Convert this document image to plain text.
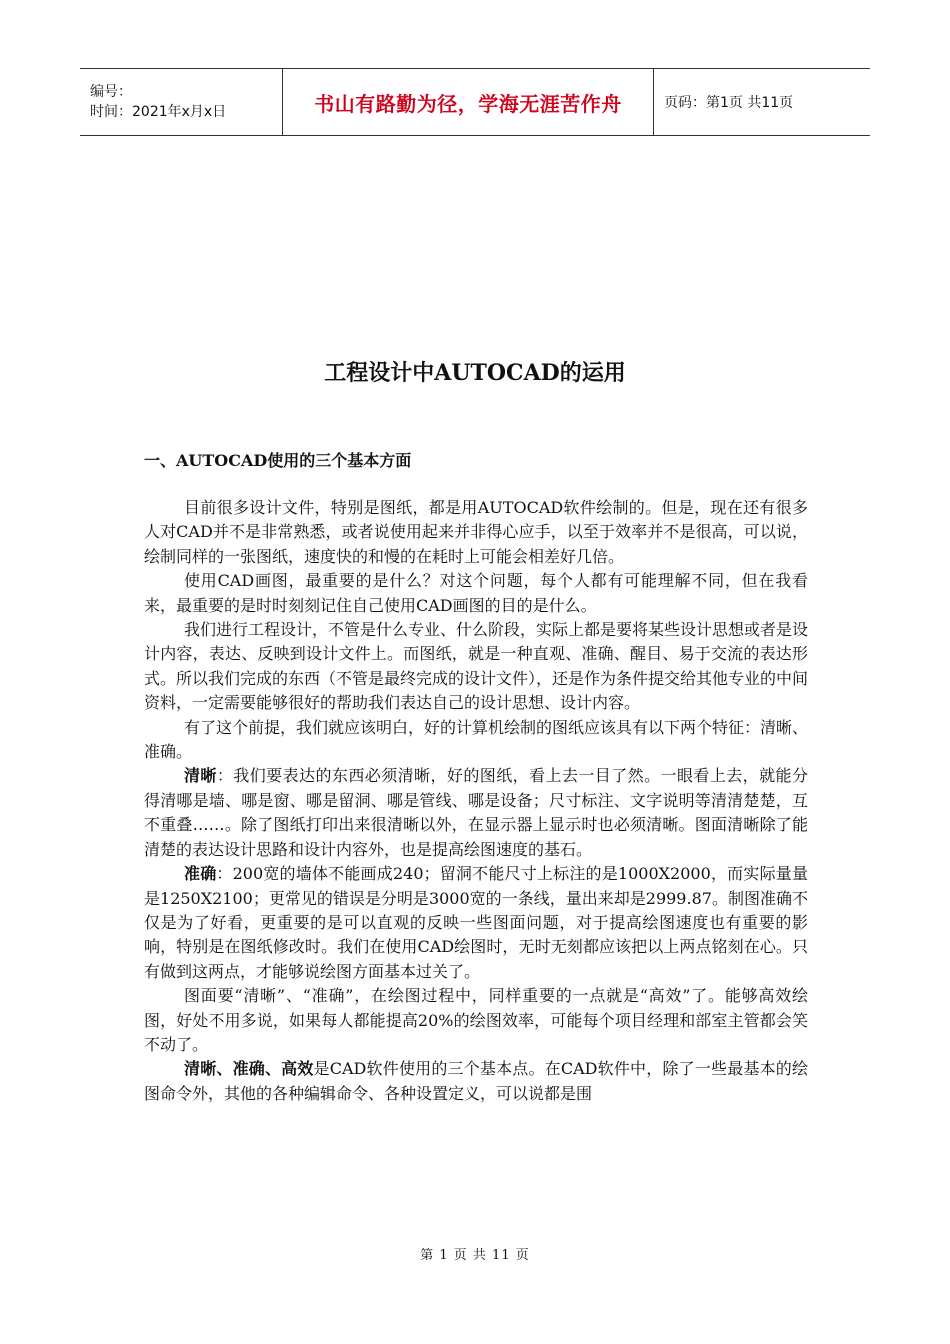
编号：
时间：2021年x月x日	书山有路勤为径，学海无涯苦作舟	页码：第1页 共11页
工程设计中AUTOCAD的运用
一、AUTOCAD使用的三个基本方面

目前很多设计文件，特别是图纸，都是用AUTOCAD软件绘制的。但是，现在还有很多人对CAD并不是非常熟悉，或者说使用起来并非得心应手，以至于效率并不是很高，可以说，绘制同样的一张图纸，速度快的和慢的在耗时上可能会相差好几倍。

使用CAD画图，最重要的是什么？对这个问题，每个人都有可能理解不同，但在我看来，最重要的是时时刻刻记住自己使用CAD画图的目的是什么。

我们进行工程设计，不管是什么专业、什么阶段，实际上都是要将某些设计思想或者是设计内容，表达、反映到设计文件上。而图纸，就是一种直观、准确、醒目、易于交流的表达形式。所以我们完成的东西（不管是最终完成的设计文件），还是作为条件提交给其他专业的中间资料，一定需要能够很好的帮助我们表达自己的设计思想、设计内容。

有了这个前提，我们就应该明白，好的计算机绘制的图纸应该具有以下两个特征：清晰、准确。

清晰：我们要表达的东西必须清晰，好的图纸，看上去一目了然。一眼看上去，就能分得清哪是墙、哪是窗、哪是留洞、哪是管线、哪是设备；尺寸标注、文字说明等清清楚楚，互不重叠……。除了图纸打印出来很清晰以外，在显示器上显示时也必须清晰。图面清晰除了能清楚的表达设计思路和设计内容外，也是提高绘图速度的基石。

准确：200宽的墙体不能画成240；留洞不能尺寸上标注的是1000X2000，而实际量量是1250X2100；更常见的错误是分明是3000宽的一条线，量出来却是2999.87。制图准确不仅是为了好看，更重要的是可以直观的反映一些图面问题，对于提高绘图速度也有重要的影响，特别是在图纸修改时。我们在使用CAD绘图时，无时无刻都应该把以上两点铭刻在心。只有做到这两点，才能够说绘图方面基本过关了。

图面要“清晰”、“准确”，在绘图过程中，同样重要的一点就是“高效”了。能够高效绘图，好处不用多说，如果每人都能提高20%的绘图效率，可能每个项目经理和部室主管都会笑不动了。

清晰、准确、高效是CAD软件使用的三个基本点。在CAD软件中，除了一些最基本的绘图命令外，其他的各种编辑命令、各种设置定义，可以说都是围

第 1 页 共 11 页
